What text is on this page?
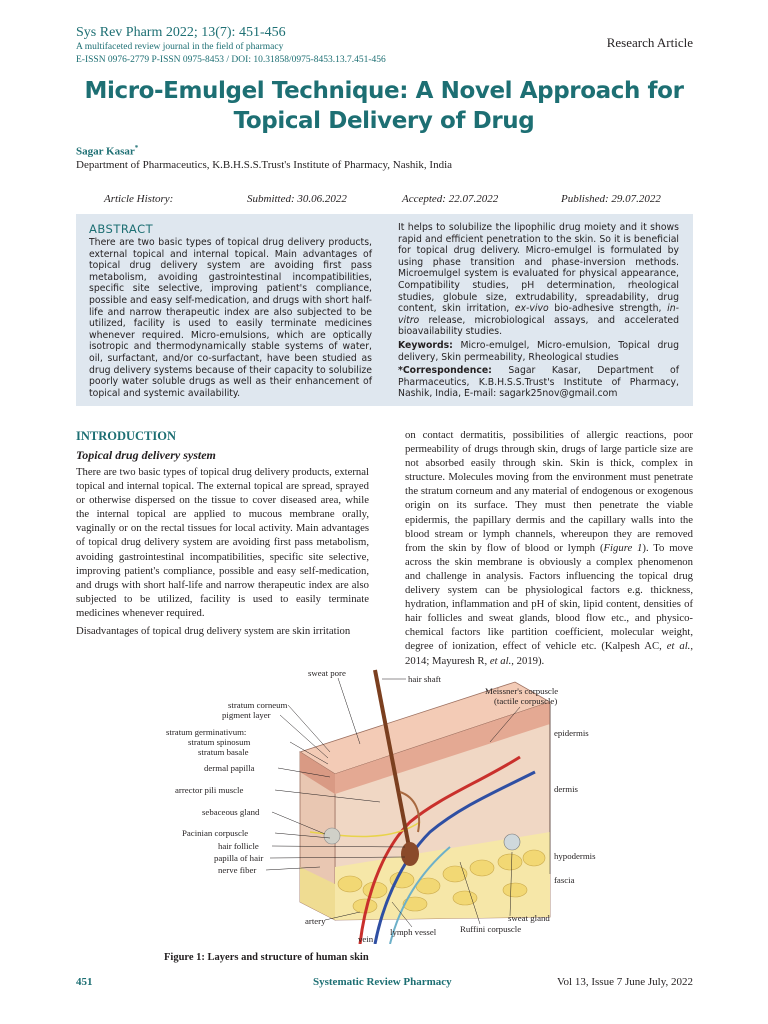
Sys Rev Pharm 2022; 13(7): 451-456
A multifaceted review journal in the field of pharmacy
E-ISSN 0976-2779 P-ISSN 0975-8453 / DOI: 10.31858/0975-8453.13.7.451-456
Research Article
Micro-Emulgel Technique: A Novel Approach for Topical Delivery of Drug
Sagar Kasar*
Department of Pharmaceutics, K.B.H.S.S.Trust's Institute of Pharmacy, Nashik, India
Article History:	Submitted: 30.06.2022	Accepted: 22.07.2022	Published: 29.07.2022
ABSTRACT
There are two basic types of topical drug delivery products, external topical and internal topical. Main advantages of topical drug delivery system are avoiding first pass metabolism, avoiding gastrointestinal incompatibilities, specific site selective, improving patient's compliance, possible and easy self-medication, and drugs with short half-life and narrow therapeutic index are also subjected to be utilized, facility is used to easily terminate medicines whenever required. Micro-emulsions, which are optically isotropic and thermodynamically stable systems of water, oil, surfactant, and/or co-surfactant, have been studied as drug delivery systems because of their capacity to solubilize poorly water soluble drugs as well as their enhancement of topical and systemic availability.

It helps to solubilize the lipophilic drug moiety and it shows rapid and efficient penetration to the skin. So it is beneficial for topical drug delivery. Micro-emulgel is formulated by using phase transition and phase-inversion methods. Microemulgel system is evaluated for physical appearance, Compatibility studies, pH determination, rheological studies, globule size, extrudability, spreadability, drug content, skin irritation, ex-vivo bio-adhesive strength, in-vitro release, microbiological assays, and accelerated bioavailability studies.

Keywords: Micro-emulgel, Micro-emulsion, Topical drug delivery, Skin permeability, Rheological studies

*Correspondence: Sagar Kasar, Department of Pharmaceutics, K.B.H.S.S.Trust's Institute of Pharmacy, Nashik, India, E-mail: sagark25nov@gmail.com

INTRODUCTION
Topical drug delivery system

There are two basic types of topical drug delivery products, external topical and internal topical. The external topical are spread, sprayed or otherwise dispersed on the tissue to cover diseased area, while the internal topical are applied to mucous membrane orally, vaginally or on the rectal tissues for local activity. Main advantages of topical drug delivery system are avoiding first pass metabolism, avoiding gastrointestinal incompatibilities, specific site selective, improving patient's compliance, possible and easy self-medication, and drugs with short half-life and narrow therapeutic index are also subjected to be utilized, facility is used to easily terminate medicines whenever required.

Disadvantages of topical drug delivery system are skin irritation

on contact dermatitis, possibilities of allergic reactions, poor permeability of drugs through skin, drugs of large particle size are not absorbed easily through skin. Skin is thick, complex in structure. Molecules moving from the environment must penetrate the stratum corneum and any material of endogenous or exogenous origin on its surface. They must then penetrate the viable epidermis, the papillary dermis and the capillary walls into the blood stream or lymph channels, whereupon they are removed from the skin by flow of blood or lymph (Figure 1). To move across the skin membrane is obviously a complex phenomenon and challenge in analysis. Factors influencing the topical drug delivery system can be physiological factors e.g. thickness, hydration, inflammation and pH of skin, lipid content, densities of hair follicles and sweat glands, blood flow etc., and physico-chemical factors like partition coefficient, molecular weight, degree of ionization, effect of vehicle etc. (Kalpesh AC, et al., 2014; Mayuresh R, et al., 2019).
sweat pore
hair shaft
Meissner's corpuscle
(tactile corpuscle)
stratum corneum
pigment layer
stratum germinativum:
stratum spinosum
stratum basale
dermal papilla
arrector pili muscle
sebaceous gland
Pacinian corpuscle
hair follicle
papilla of hair
nerve fiber
artery
vein
lymph vessel	Ruffini corpuscle
sweat gland
epidermis
dermis
hypodermis
fascia
Figure 1: Layers and structure of human skin
451	Systematic Review Pharmacy	Vol 13, Issue 7 June July, 2022
